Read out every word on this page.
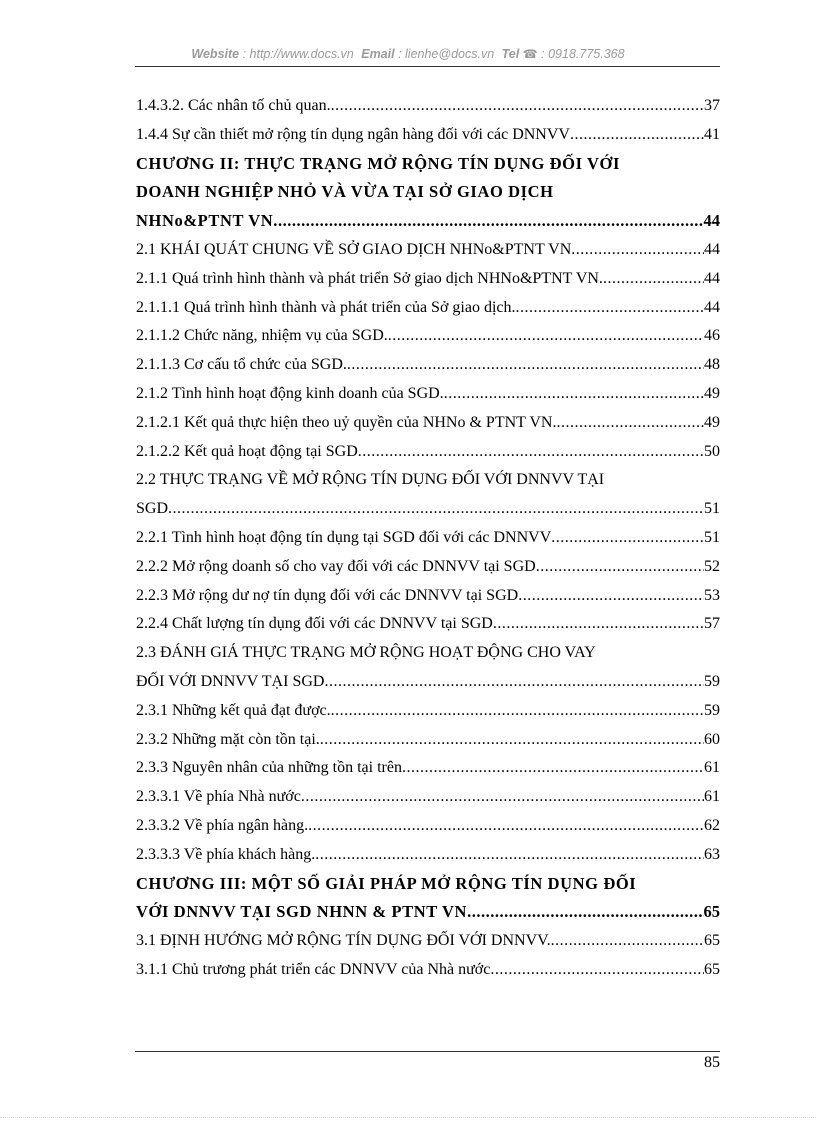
Website : http://www.docs.vn Email : lienhe@docs.vn Tel ☎ : 0918.775.368
1.4.3.2. Các nhân tố chủ quan. .....	37
1.4.4 Sự cần thiết mở rộng tín dụng ngân hàng đối với các DNNVV .....	41
CHƯƠNG II: THỰC TRẠNG MỞ RỘNG TÍN DỤNG ĐỐI VỚI
DOANH NGHIỆP NHỎ VÀ VỪA TẠI SỞ GIAO DỊCH
NHNo&PTNT VN. .....	44
2.1 KHÁI QUÁT CHUNG VỀ SỞ GIAO DỊCH NHNo&PTNT VN .....	44
2.1.1 Quá trình hình thành và phát triển Sở giao dịch NHNo&PTNT VN. .....	44
2.1.1.1 Quá trình hình thành và phát triển của Sở giao dịch. .....	44
2.1.1.2 Chức năng, nhiệm vụ của SGD. .....	46
2.1.1.3 Cơ cấu tổ chức của SGD. .....	48
2.1.2 Tình hình hoạt động kinh doanh của SGD. .....	49
2.1.2.1 Kết quả thực hiện theo uỷ quyền của NHNo & PTNT VN. .....	49
2.1.2.2 Kết quả hoạt động tại SGD .....	50
2.2 THỰC TRẠNG VỀ MỞ RỘNG TÍN DỤNG ĐỐI VỚI DNNVV TẠI
SGD .....	51
2.2.1 Tình hình hoạt động tín dụng tại SGD đối với các DNNVV .....	51
2.2.2 Mở rộng doanh số cho vay đối với các DNNVV tại SGD .....	52
2.2.3 Mở rộng dư nợ tín dụng đối với các DNNVV tại SGD .....	53
2.2.4 Chất lượng tín dụng đối với các DNNVV tại SGD .....	57
2.3 ĐÁNH GIÁ THỰC TRẠNG MỞ RỘNG HOẠT ĐỘNG CHO VAY
ĐỐI VỚI DNNVV TẠI SGD .....	59
2.3.1 Những kết quả đạt được. .....	59
2.3.2 Những mặt còn tồn tại. .....	60
2.3.3 Nguyên nhân của những tồn tại trên .....	61
2.3.3.1 Về phía Nhà nước .....	61
2.3.3.2 Về phía ngân hàng. .....	62
2.3.3.3 Về phía khách hàng. .....	63
CHƯƠNG III: MỘT SỐ GIẢI PHÁP MỞ RỘNG TÍN DỤNG ĐỐI
VỚI DNNVV TẠI SGD NHNN & PTNT VN. .....	65
3.1 ĐỊNH HƯỚNG MỞ RỘNG TÍN DỤNG ĐỐI VỚI DNNVV. .....	65
3.1.1 Chủ trương phát triển các DNNVV của Nhà nước .....	65
85
